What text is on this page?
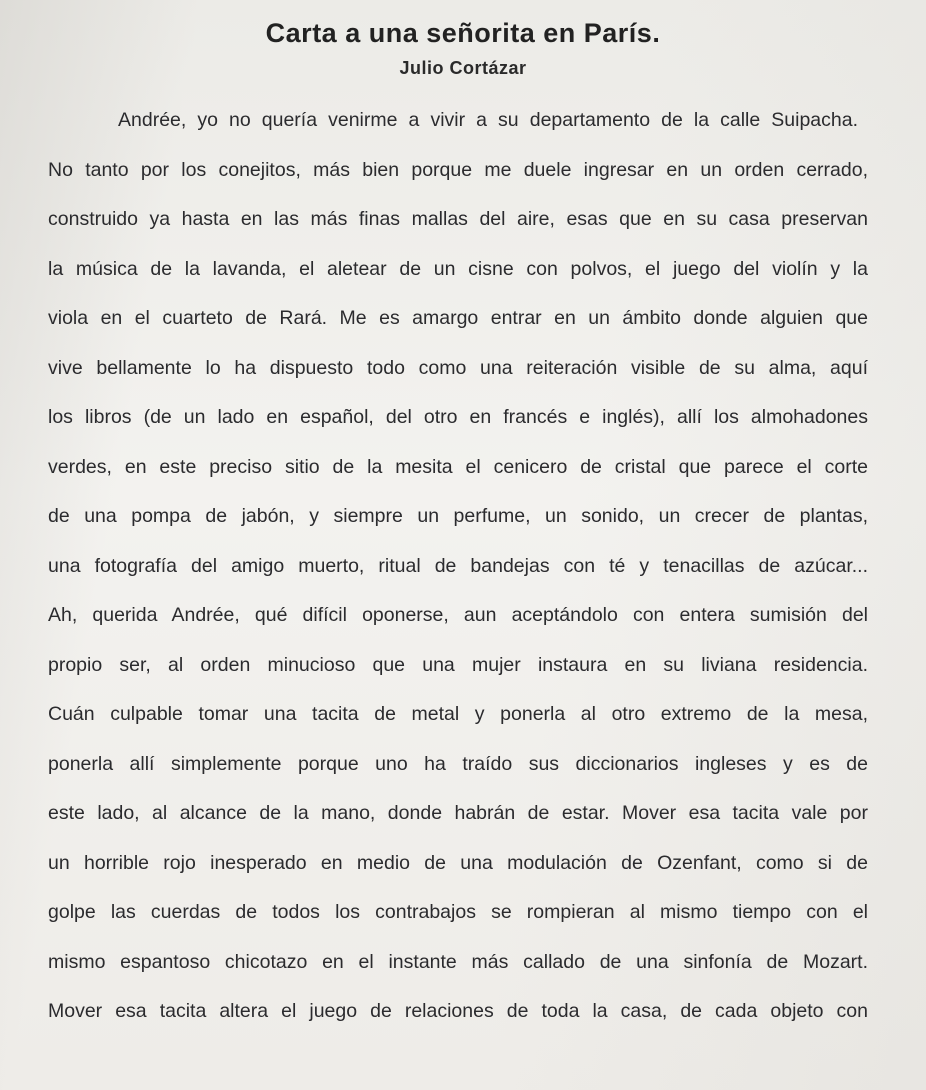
Carta a una señorita en París.
Julio Cortázar
Andrée, yo no quería venirme a vivir a su departamento de la calle Suipacha.
No tanto por los conejitos, más bien porque me duele ingresar en un orden cerrado,
construido ya hasta en las más finas mallas del aire, esas que en su casa preservan
la música de la lavanda, el aletear de un cisne con polvos, el juego del violín y la
viola en el cuarteto de Rará. Me es amargo entrar en un ámbito donde alguien que
vive bellamente lo ha dispuesto todo como una reiteración visible de su alma, aquí
los libros (de un lado en español, del otro en francés e inglés), allí los almohadones
verdes, en este preciso sitio de la mesita el cenicero de cristal que parece el corte
de una pompa de jabón, y siempre un perfume, un sonido, un crecer de plantas,
una fotografía del amigo muerto, ritual de bandejas con té y tenacillas de azúcar...
Ah, querida Andrée, qué difícil oponerse, aun aceptándolo con entera sumisión del
propio ser, al orden minucioso que una mujer instaura en su liviana residencia.
Cuán culpable tomar una tacita de metal y ponerla al otro extremo de la mesa,
ponerla allí simplemente porque uno ha traído sus diccionarios ingleses y es de
este lado, al alcance de la mano, donde habrán de estar. Mover esa tacita vale por
un horrible rojo inesperado en medio de una modulación de Ozenfant, como si de
golpe las cuerdas de todos los contrabajos se rompieran al mismo tiempo con el
mismo espantoso chicotazo en el instante más callado de una sinfonía de Mozart.
Mover esa tacita altera el juego de relaciones de toda la casa, de cada objeto con
